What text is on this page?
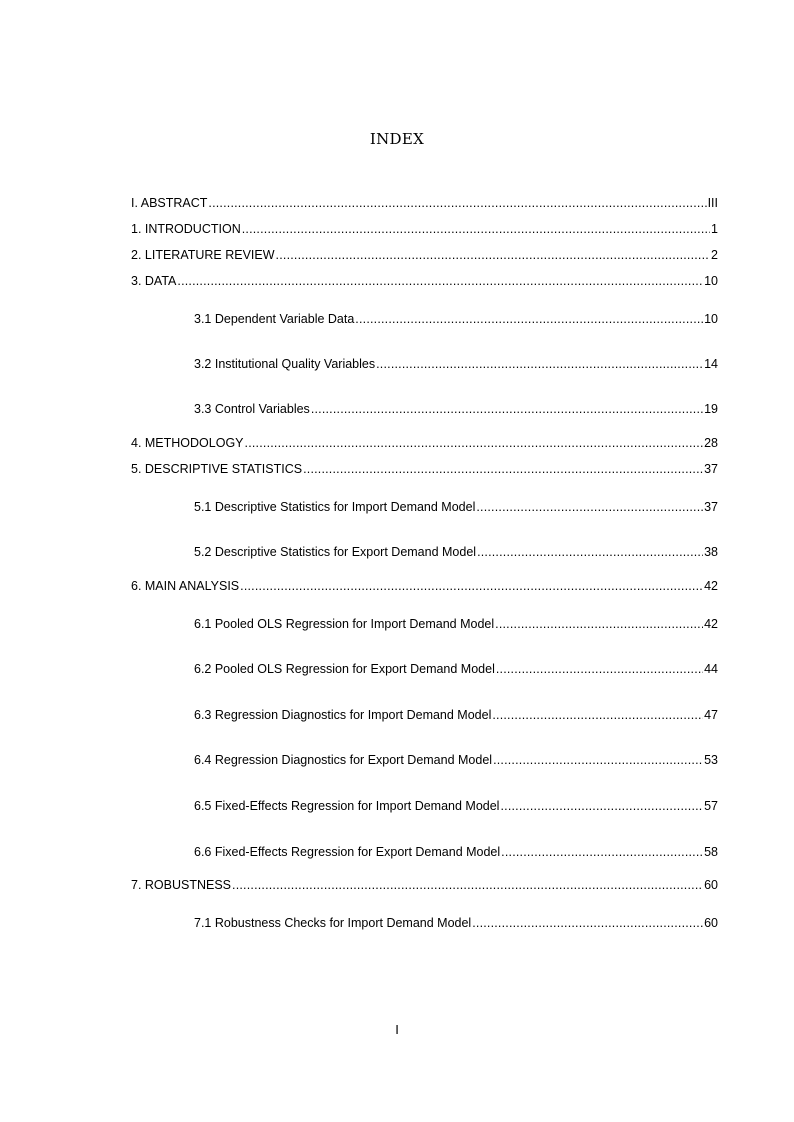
INDEX
I. ABSTRACT .....	III
1. INTRODUCTION .....	1
2. LITERATURE REVIEW .....	2
3. DATA .....	10
3.1 Dependent Variable Data .....	10
3.2 Institutional Quality Variables .....	14
3.3 Control Variables .....	19
4. METHODOLOGY .....	28
5. DESCRIPTIVE STATISTICS .....	37
5.1 Descriptive Statistics for Import Demand Model .....	37
5.2 Descriptive Statistics for Export Demand Model .....	38
6. MAIN ANALYSIS .....	42
6.1 Pooled OLS Regression for Import Demand Model .....	42
6.2 Pooled OLS Regression for Export Demand Model .....	44
6.3 Regression Diagnostics for Import Demand Model .....	47
6.4 Regression Diagnostics for Export Demand Model .....	53
6.5 Fixed-Effects Regression for Import Demand Model .....	57
6.6 Fixed-Effects Regression for Export Demand Model .....	58
7. ROBUSTNESS .....	60
7.1 Robustness Checks for Import Demand Model .....	60
I
